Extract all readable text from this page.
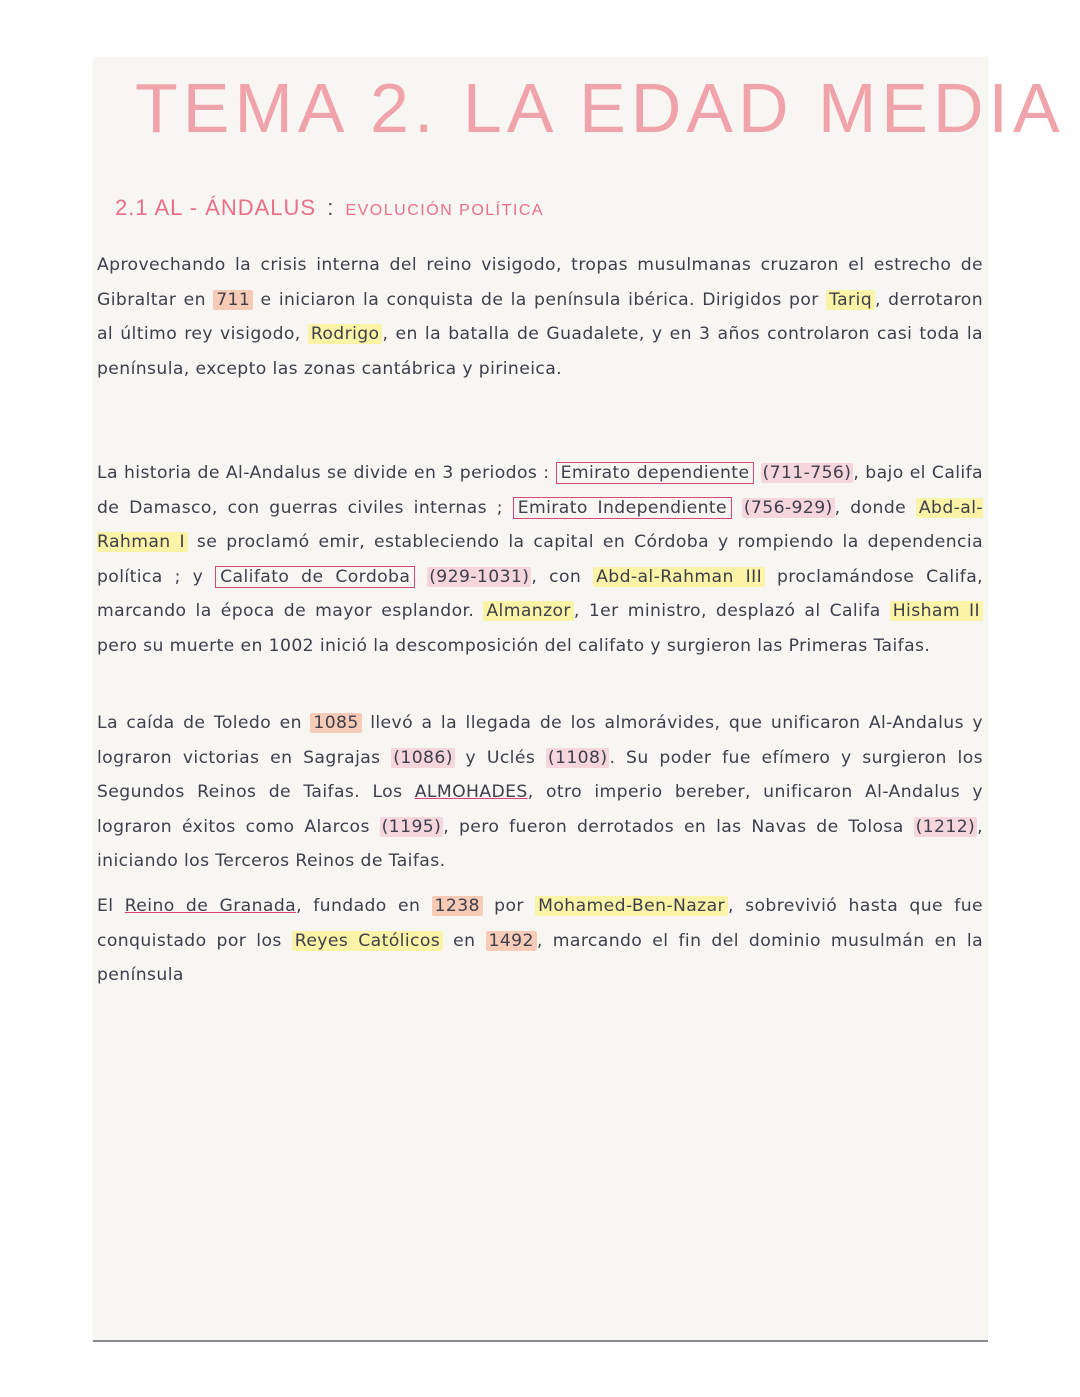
TEMA 2. LA EDAD MEDIA
2.1 AL - ÁNDALUS : EVOLUCIÓN POLÍTICA

Aprovechando la crisis interna del reino visigodo, tropas musulmanas cruzaron el estrecho de Gibraltar en 711 e iniciaron la conquista de la península ibérica. Dirigidos por Tariq , derrotaron al último rey visigodo, Rodrigo , en la batalla de Guadalete, y en 3 años controlaron casi toda la península, excepto las zonas cantábrica y pirineica.

La historia de Al-Andalus se divide en 3 periodos : Emirato dependiente (711-756) , bajo el Califa de Damasco, con guerras civiles internas ; Emirato Independiente (756-929) , donde Abd-al-Rahman I se proclamó emir, estableciendo la capital en Córdoba y rompiendo la dependencia política ; y Califato de Cordoba (929-1031) , con Abd-al-Rahman III proclamándose Califa, marcando la época de mayor esplandor. Almanzor , 1er ministro, desplazó al Califa Hisham II pero su muerte en 1002 inició la descomposición del califato y surgieron las Primeras Taifas.

La caída de Toledo en 1085 llevó a la llegada de los almorávides, que unificaron Al-Andalus y lograron victorias en Sagrajas (1086) y Uclés (1108) . Su poder fue efímero y surgieron los Segundos Reinos de Taifas. Los ALMOHADES, otro imperio bereber, unificaron Al-Andalus y lograron éxitos como Alarcos (1195) , pero fueron derrotados en las Navas de Tolosa (1212) , iniciando los Terceros Reinos de Taifas.

El Reino de Granada, fundado en 1238 por Mohamed-Ben-Nazar , sobrevivió hasta que fue conquistado por los Reyes Católicos en 1492 , marcando el fin del dominio musulmán en la península
